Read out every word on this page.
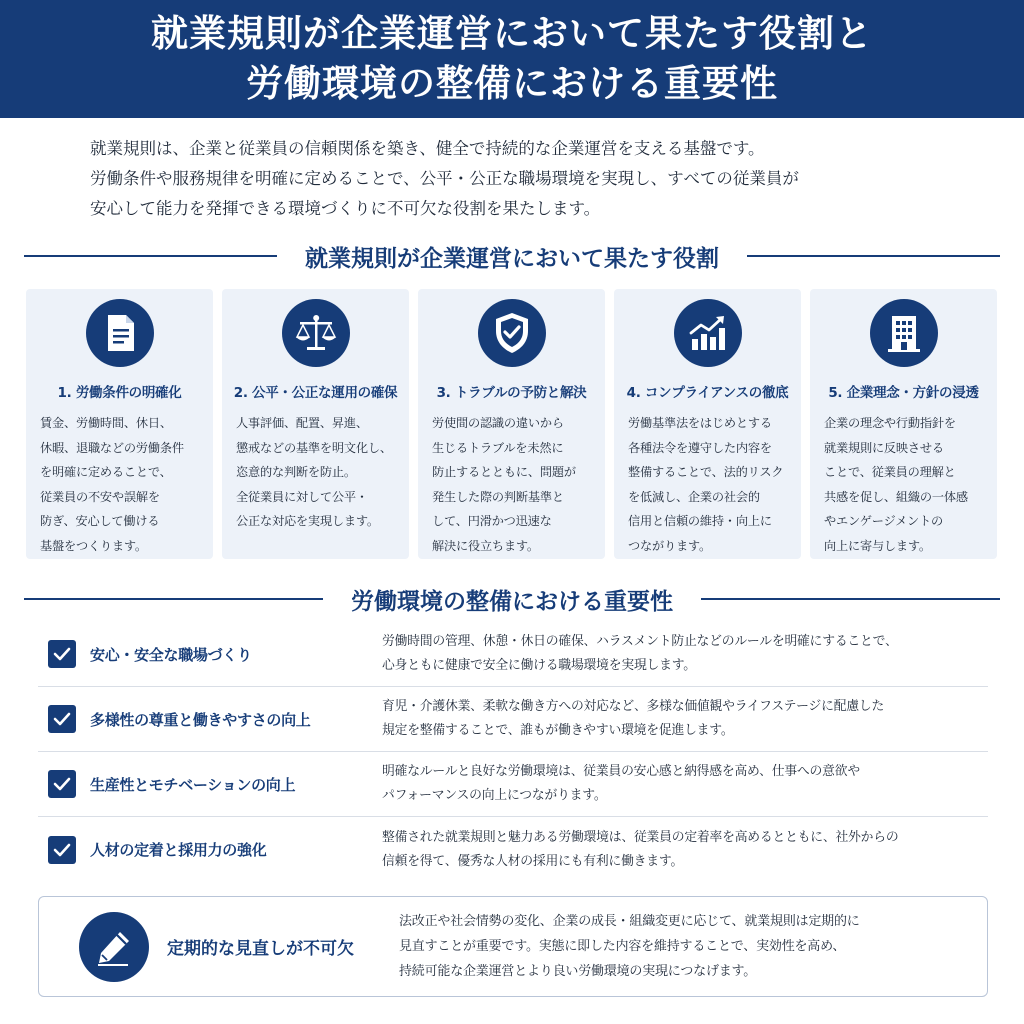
就業規則が企業運営において果たす役割と
労働環境の整備における重要性

就業規則は、企業と従業員の信頼関係を築き、健全で持続的な企業運営を支える基盤です。

労働条件や服務規律を明確に定めることで、公平・公正な職場環境を実現し、すべての従業員が

安心して能力を発揮できる環境づくりに不可欠な役割を果たします。

就業規則が企業運営において果たす役割
1. 労働条件の明確化
賃金、労働時間、休日、
休暇、退職などの労働条件
を明確に定めることで、
従業員の不安や誤解を
防ぎ、安心して働ける
基盤をつくります。
2. 公平・公正な運用の確保
人事評価、配置、昇進、
懲戒などの基準を明文化し、
恣意的な判断を防止。
全従業員に対して公平・
公正な対応を実現します。
3. トラブルの予防と解決
労使間の認識の違いから
生じるトラブルを未然に
防止するとともに、問題が
発生した際の判断基準と
して、円滑かつ迅速な
解決に役立ちます。
4. コンプライアンスの徹底
労働基準法をはじめとする
各種法令を遵守した内容を
整備することで、法的リスク
を低減し、企業の社会的
信用と信頼の維持・向上に
つながります。
5. 企業理念・方針の浸透
企業の理念や行動指針を
就業規則に反映させる
ことで、従業員の理解と
共感を促し、組織の一体感
やエンゲージメントの
向上に寄与します。
労働環境の整備における重要性
安心・安全な職場づくり
労働時間の管理、休憩・休日の確保、ハラスメント防止などのルールを明確にすることで、
心身ともに健康で安全に働ける職場環境を実現します。
多様性の尊重と働きやすさの向上
育児・介護休業、柔軟な働き方への対応など、多様な価値観やライフステージに配慮した
規定を整備することで、誰もが働きやすい環境を促進します。
生産性とモチベーションの向上
明確なルールと良好な労働環境は、従業員の安心感と納得感を高め、仕事への意欲や
パフォーマンスの向上につながります。
人材の定着と採用力の強化
整備された就業規則と魅力ある労働環境は、従業員の定着率を高めるとともに、社外からの
信頼を得て、優秀な人材の採用にも有利に働きます。
定期的な見直しが不可欠
法改正や社会情勢の変化、企業の成長・組織変更に応じて、就業規則は定期的に
見直すことが重要です。実態に即した内容を維持することで、実効性を高め、
持続可能な企業運営とより良い労働環境の実現につなげます。
